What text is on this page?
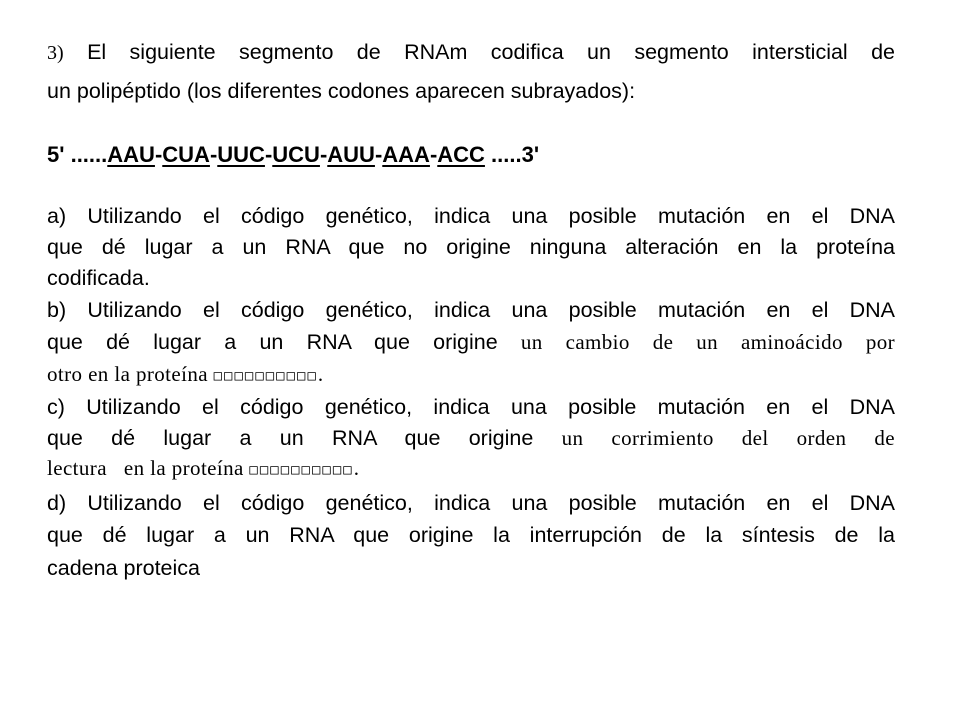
3) El siguiente segmento de RNAm codifica un segmento intersticial de
un polipéptido (los diferentes codones aparecen subrayados):
5' ......AAU-CUA-UUC-UCU-AUU-AAA-ACC .....3'
a) Utilizando el código genético, indica una posible mutación en el DNA
que dé lugar a un RNA que no origine ninguna alteración en la proteína
codificada.
b) Utilizando el código genético, indica una posible mutación en el DNA
que dé lugar a un RNA que origine un cambio de un aminoácido por
otro en la proteína □□□□□□□□□□.
c) Utilizando el código genético, indica una posible mutación en el DNA
que dé lugar a un RNA que origine un corrimiento del orden de
lectura   en la proteína □□□□□□□□□□.
d) Utilizando el código genético, indica una posible mutación en el DNA
que dé lugar a un RNA que origine la interrupción de la síntesis de la
cadena proteica
